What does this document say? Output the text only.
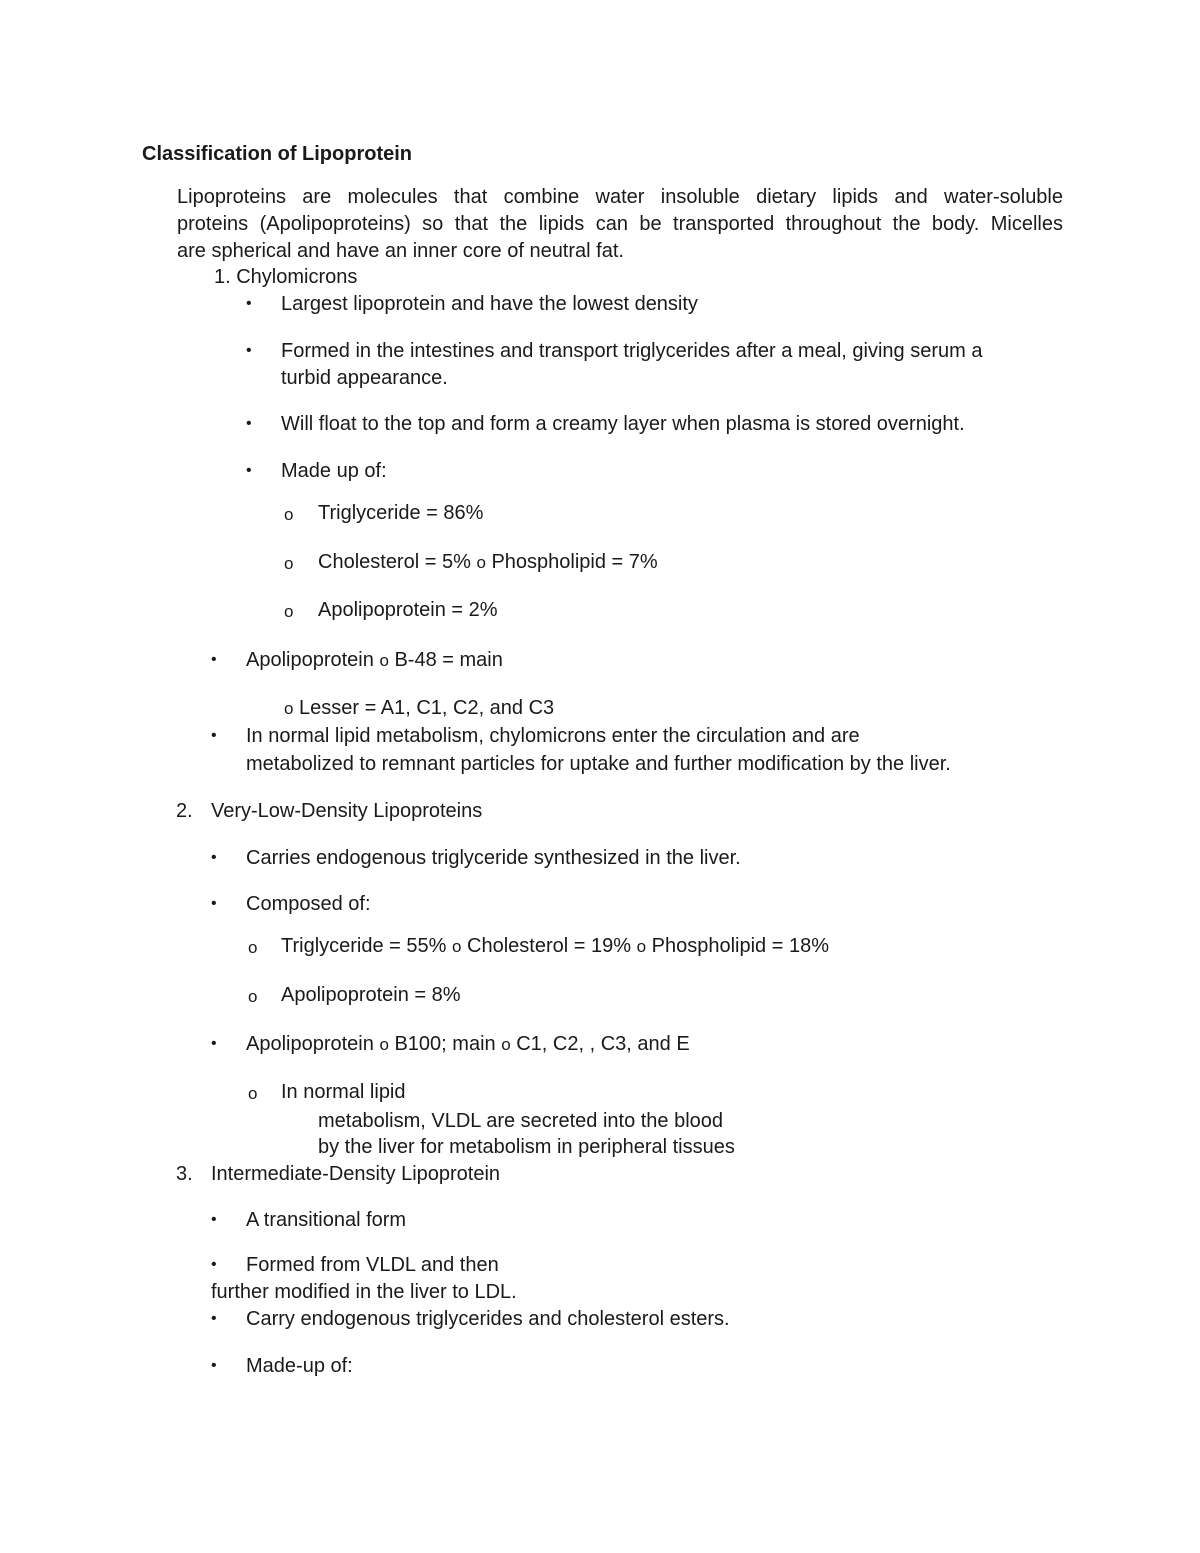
Classification of Lipoprotein
Lipoproteins are molecules that combine water insoluble dietary lipids and water-soluble
proteins (Apolipoproteins) so that the lipids can be transported throughout the body. Micelles
are spherical and have an inner core of neutral fat.
1. Chylomicrons
• Largest lipoprotein and have the lowest density
• Formed in the intestines and transport triglycerides after a meal, giving serum a
turbid appearance.
• Will float to the top and form a creamy layer when plasma is stored overnight.
• Made up of:
o Triglyceride = 86%
o Cholesterol = 5% o Phospholipid = 7%
o Apolipoprotein = 2%
• Apolipoprotein o B-48 = main
o Lesser = A1, C1, C2, and C3
• In normal lipid metabolism, chylomicrons enter the circulation and are
metabolized to remnant particles for uptake and further modification by the liver.
2. Very-Low-Density Lipoproteins
• Carries endogenous triglyceride synthesized in the liver.
• Composed of:
o Triglyceride = 55% o Cholesterol = 19% o Phospholipid = 18%
o Apolipoprotein = 8%
• Apolipoprotein o B100; main o C1, C2, , C3, and E
o In normal lipid
metabolism, VLDL are secreted into the blood
by the liver for metabolism in peripheral tissues
3. Intermediate-Density Lipoprotein
• A transitional form
• Formed from VLDL and then
further modified in the liver to LDL.
• Carry endogenous triglycerides and cholesterol esters.
• Made-up of:
